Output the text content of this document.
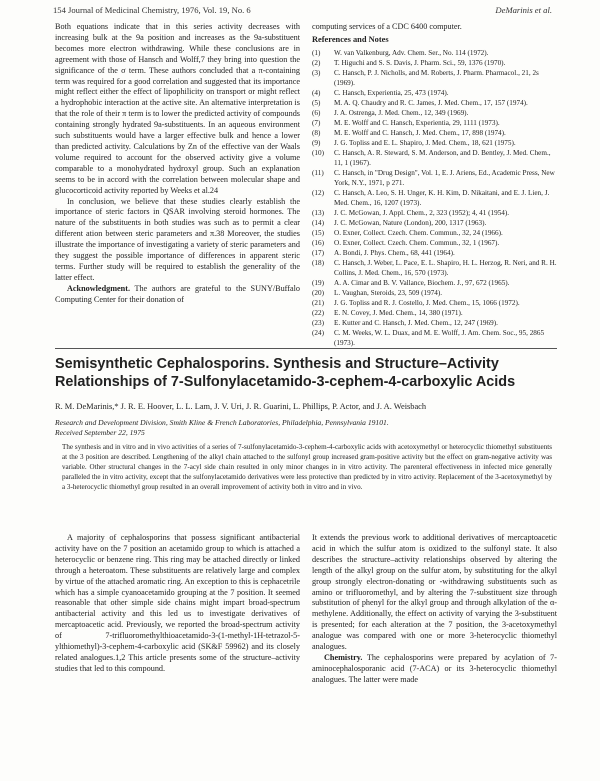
154 Journal of Medicinal Chemistry, 1976, Vol. 19, No. 6	DeMarinis et al.

Both equations indicate that in this series activity decreases with increasing bulk at the 9a position and increases as the 9a-substituent becomes more electron withdrawing. While these conclusions are in agreement with those of Hansch and Wolff,7 they bring into question the significance of the σ term. These authors concluded that a π-containing term was required for a good correlation and suggested that its importance might reflect either the effect of lipophilicity on transport or might reflect a hydrophobic interaction at the active site. An alternative interpretation is that the role of their π term is to lower the predicted activity of compounds containing strongly hydrated 9a-substituents. In an aqueous environment such substituents would have a larger effective bulk and hence a lower than predicted activity. Calculations by Zn of the effective van der Waals volume required to account for the observed activity give a volume comparable to a monohydrated hydroxyl group. Such an explanation seems to be in accord with the correlation between molecular shape and glucocorticoid activity reported by Weeks et al.24

In conclusion, we believe that these studies clearly establish the importance of steric factors in QSAR involving steroid hormones. The nature of the substituents in both studies was such as to permit a clear different ation between steric parameters and π.38 Moreover, the studies illustrate the importance of investigating a variety of steric parameters and they suggest the possible importance of differences in apparent steric terms. Further study will be required to establish the generality of the latter effect.

Acknowledgment. The authors are grateful to the SUNY/Buffalo Computing Center for their donation of

computing services of a CDC 6400 computer.

References and Notes
(1) W. van Valkenburg, Adv. Chem. Ser., No. 114 (1972).
(2) T. Higuchi and S. S. Davis, J. Pharm. Sci., 59, 1376 (1970).
(3) C. Hansch, P. J. Nicholls, and M. Roberts, J. Pharm. Pharmacol., 21, 2s (1969).
(4) C. Hansch, Experientia, 25, 473 (1974).
(5) M. A. Q. Chaudry and R. C. James, J. Med. Chem., 17, 157 (1974).
(6) J. A. Ostrenga, J. Med. Chem., 12, 349 (1969).
(7) M. E. Wolff and C. Hansch, Experientia, 29, 1111 (1973).
(8) M. E. Wolff and C. Hansch, J. Med. Chem., 17, 898 (1974).
(9) J. G. Topliss and E. L. Shapiro, J. Med. Chem., 18, 621 (1975).
(10) C. Hansch, A. R. Steward, S. M. Anderson, and D. Bentley, J. Med. Chem., 11, 1 (1967).
(11) C. Hansch, in "Drug Design", Vol. 1, E. J. Ariens, Ed., Academic Press, New York, N.Y., 1971, p 271.
(12) C. Hansch, A. Leo, S. H. Unger, K. H. Kim, D. Nikaitani, and E. J. Lien, J. Med. Chem., 16, 1207 (1973).
(13) J. C. McGowan, J. Appl. Chem., 2, 323 (1952); 4, 41 (1954).
(14) J. C. McGowan, Nature (London), 200, 1317 (1963).
(15) O. Exner, Collect. Czech. Chem. Commun., 32, 24 (1966).
(16) O. Exner, Collect. Czech. Chem. Commun., 32, 1 (1967).
(17) A. Bondi, J. Phys. Chem., 68, 441 (1964).
(18) C. Hansch, J. Weber, L. Pace, E. L. Shapiro, H. L. Herzog, R. Neri, and R. H. Collins, J. Med. Chem., 16, 570 (1973).
(19) A. A. Cimar and B. V. Vallance, Biochem. J., 97, 672 (1965).
(20) L. Vaughan, Steroids, 23, 509 (1974).
(21) J. G. Topliss and R. J. Costello, J. Med. Chem., 15, 1066 (1972).
(22) E. N. Covey, J. Med. Chem., 14, 380 (1971).
(23) E. Kutter and C. Hansch, J. Med. Chem., 12, 247 (1969).
(24) C. M. Weeks, W. L. Duax, and M. E. Wolff, J. Am. Chem. Soc., 95, 2865 (1973).
Semisynthetic Cephalosporins. Synthesis and Structure–Activity Relationships of 7-Sulfonylacetamido-3-cephem-4-carboxylic Acids
R. M. DeMarinis,* J. R. E. Hoover, L. L. Lam, J. V. Uri, J. R. Guarini, L. Phillips, P. Actor, and J. A. Weisbach
Research and Development Division, Smith Kline & French Laboratories, Philadelphia, Pennsylvania 19101.
Received September 22, 1975
The synthesis and in vitro and in vivo activities of a series of 7-sulfonylacetamido-3-cephem-4-carboxylic acids with acetoxymethyl or heterocyclic thiomethyl substituents at the 3 position are described. Lengthening of the alkyl chain attached to the sulfonyl group increased gram-positive activity but the effect on gram-negative activity was variable. Other structural changes in the 7-acyl side chain resulted in only minor changes in in vitro activity. The parenteral effectiveness in infected mice generally paralleled the in vitro activity, except that the sulfonylacetamido derivatives were less protective than predicted by in vitro activity. Replacement of the 3-acetoxymethyl by a 3-heterocyclic thiomethyl group resulted in an overall improvement of activity both in vitro and in vivo.

A majority of cephalosporins that possess significant antibacterial activity have on the 7 position an acetamido group to which is attached a heterocyclic or benzene ring. This ring may be attached directly or linked through a heteroatom. These substituents are relatively large and complex by virtue of the attached aromatic ring. An exception to this is cephacetrile which has a simple cyanoacetamido grouping at the 7 position. It seemed reasonable that other simple side chains might impart broad-spectrum antibacterial activity and this led us to investigate derivatives of mercaptoacetic acid. Previously, we reported the broad-spectrum activity of 7-trifluoromethylthioacetamido-3-(1-methyl-1H-tetrazol-5-ylthiomethyl)-3-cephem-4-carboxylic acid (SK&F 59962) and its closely related analogues.1,2 This article presents some of the structure–activity studies that led to this compound.

It extends the previous work to additional derivatives of mercaptoacetic acid in which the sulfur atom is oxidized to the sulfonyl state. It also describes the structure–activity relationships observed by altering the length of the alkyl group on the sulfur atom, by substituting for the alkyl group strongly electron-donating or -withdrawing substituents such as amino or trifluoromethyl, and by altering the 7-substituent size through substitution of phenyl for the alkyl group and through alkylation of the α-methylene. Additionally, the effect on activity of varying the 3-substituent is presented; for each alteration at the 7 position, the 3-acetoxymethyl analogue was compared with one or more 3-heterocyclic thiomethyl analogues.

Chemistry. The cephalosporins were prepared by acylation of 7-aminocephalosporanic acid (7-ACA) or its 3-heterocyclic thiomethyl analogues. The latter were made
